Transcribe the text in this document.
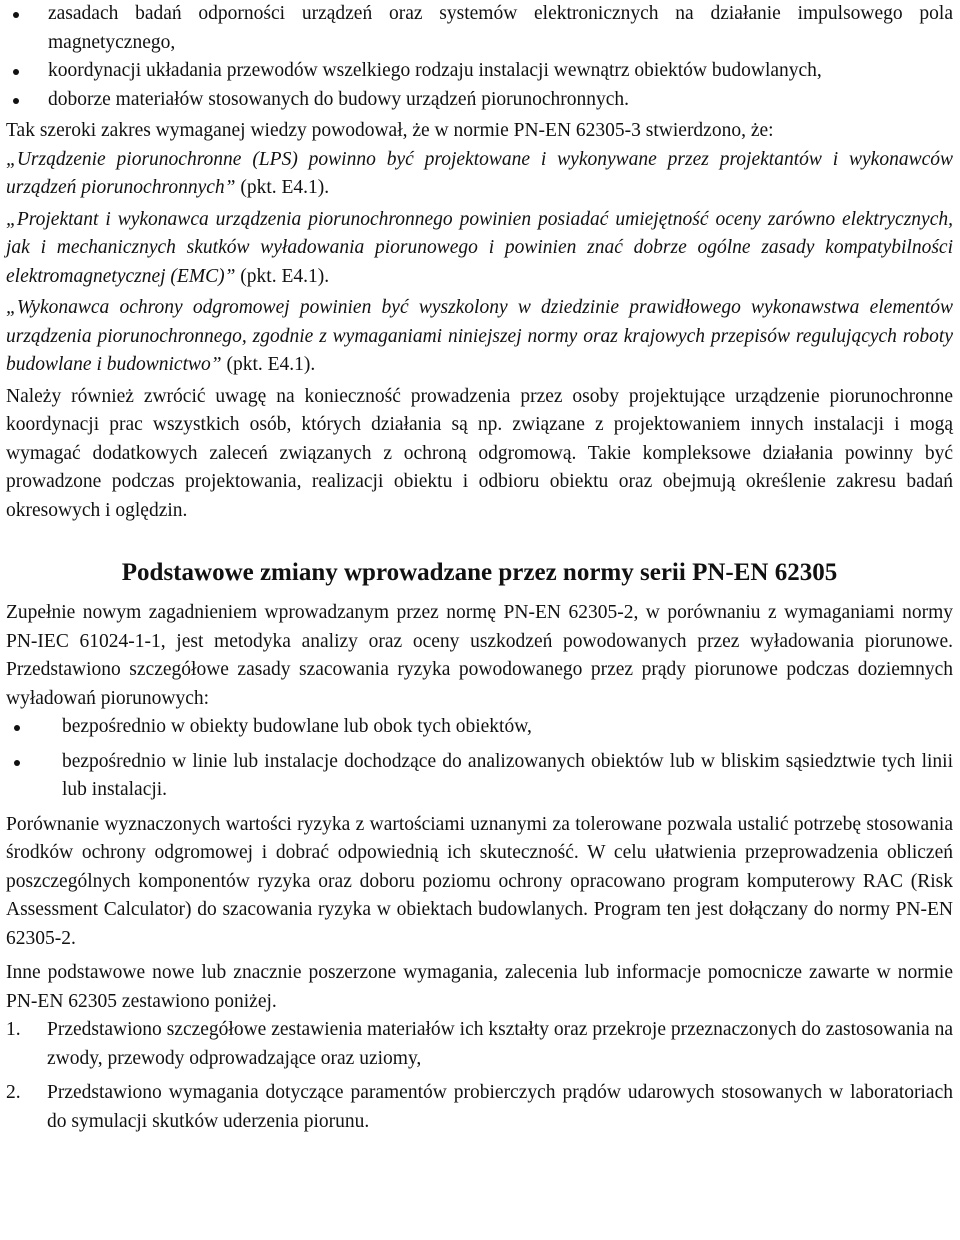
zasadach badań odporności urządzeń oraz systemów elektronicznych na działanie impulsowego pola magnetycznego,
koordynacji układania przewodów wszelkiego rodzaju instalacji wewnątrz obiektów budowlanych,
doborze materiałów stosowanych do budowy urządzeń piorunochronnych.

Tak szeroki zakres wymaganej wiedzy powodował, że w normie PN-EN 62305-3 stwierdzono, że:

„Urządzenie piorunochronne (LPS) powinno być projektowane i wykonywane przez projektantów i wykonawców urządzeń piorunochronnych” (pkt. E4.1).

„Projektant i wykonawca urządzenia piorunochronnego powinien posiadać umiejętność oceny zarówno elektrycznych, jak i mechanicznych skutków wyładowania piorunowego i powinien znać dobrze ogólne zasady kompatybilności elektromagnetycznej (EMC)” (pkt. E4.1).

„Wykonawca ochrony odgromowej powinien być wyszkolony w dziedzinie prawidłowego wykonawstwa elementów urządzenia piorunochronnego, zgodnie z wymaganiami niniejszej normy oraz krajowych przepisów regulujących roboty budowlane i budownictwo” (pkt. E4.1).

Należy również zwrócić uwagę na konieczność prowadzenia przez osoby projektujące urządzenie piorunochronne koordynacji prac wszystkich osób, których działania są np. związane z projektowaniem innych instalacji i mogą wymagać dodatkowych zaleceń związanych z ochroną odgromową. Takie kompleksowe działania powinny być prowadzone podczas projektowania, realizacji obiektu i odbioru obiektu oraz obejmują określenie zakresu badań okresowych i oględzin.

Podstawowe zmiany wprowadzane przez normy serii PN-EN 62305

Zupełnie nowym zagadnieniem wprowadzanym przez normę PN-EN 62305-2, w porównaniu z wymaganiami normy PN-IEC 61024-1-1, jest metodyka analizy oraz oceny uszkodzeń powodowanych przez wyładowania piorunowe. Przedstawiono szczegółowe zasady szacowania ryzyka powodowanego przez prądy piorunowe podczas doziemnych wyładowań piorunowych:

bezpośrednio w obiekty budowlane lub obok tych obiektów,
bezpośrednio w linie lub instalacje dochodzące do analizowanych obiektów lub w bliskim sąsiedztwie tych linii lub instalacji.

Porównanie wyznaczonych wartości ryzyka z wartościami uznanymi za tolerowane pozwala ustalić potrzebę stosowania środków ochrony odgromowej i dobrać odpowiednią ich skuteczność. W celu ułatwienia przeprowadzenia obliczeń poszczególnych komponentów ryzyka oraz doboru poziomu ochrony opracowano program komputerowy RAC (Risk Assessment Calculator) do szacowania ryzyka w obiektach budowlanych. Program ten jest dołączany do normy PN-EN 62305-2.

Inne podstawowe nowe lub znacznie poszerzone wymagania, zalecenia lub informacje pomocnicze zawarte w normie PN-EN 62305 zestawiono poniżej.

1. Przedstawiono szczegółowe zestawienia materiałów ich kształty oraz przekroje przeznaczonych do zastosowania na zwody, przewody odprowadzające oraz uziomy,
2. Przedstawiono wymagania dotyczące paramentów probierczych prądów udarowych stosowanych w laboratoriach do symulacji skutków uderzenia piorunu.
